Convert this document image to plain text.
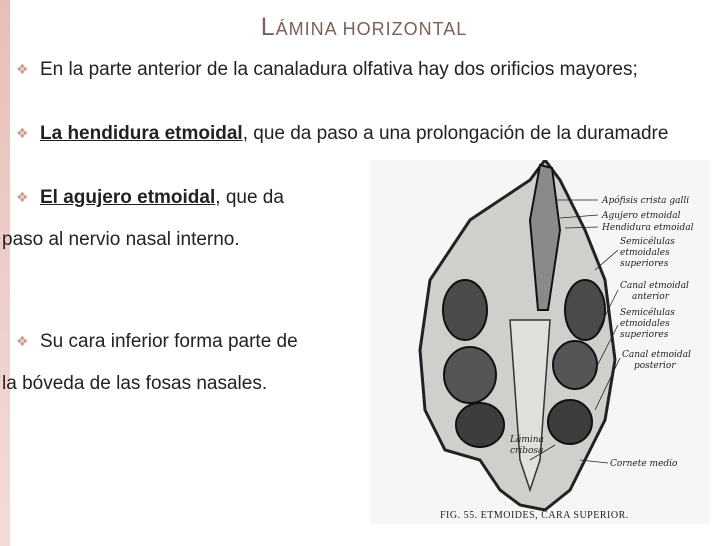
LÁMINA HORIZONTAL
❖ En la parte anterior de la canaladura olfativa hay dos orificios mayores;
❖ La hendidura etmoidal, que da paso a una prolongación de la duramadre
❖ El agujero etmoidal, que da
❖ Su cara inferior forma parte de
paso al nervio nasal interno.
la bóveda de las fosas nasales.
Apófisis crista galli
Agujero etmoidal
Hendidura etmoidal
Semicélulas
etmoidales
superiores
Canal etmoidal
anterior
Semicélulas
etmoidales
superiores
Canal etmoidal
posterior
Lámina
cribosa
Cornete medio
FIG. 55. ETMOIDES, CARA SUPERIOR.
